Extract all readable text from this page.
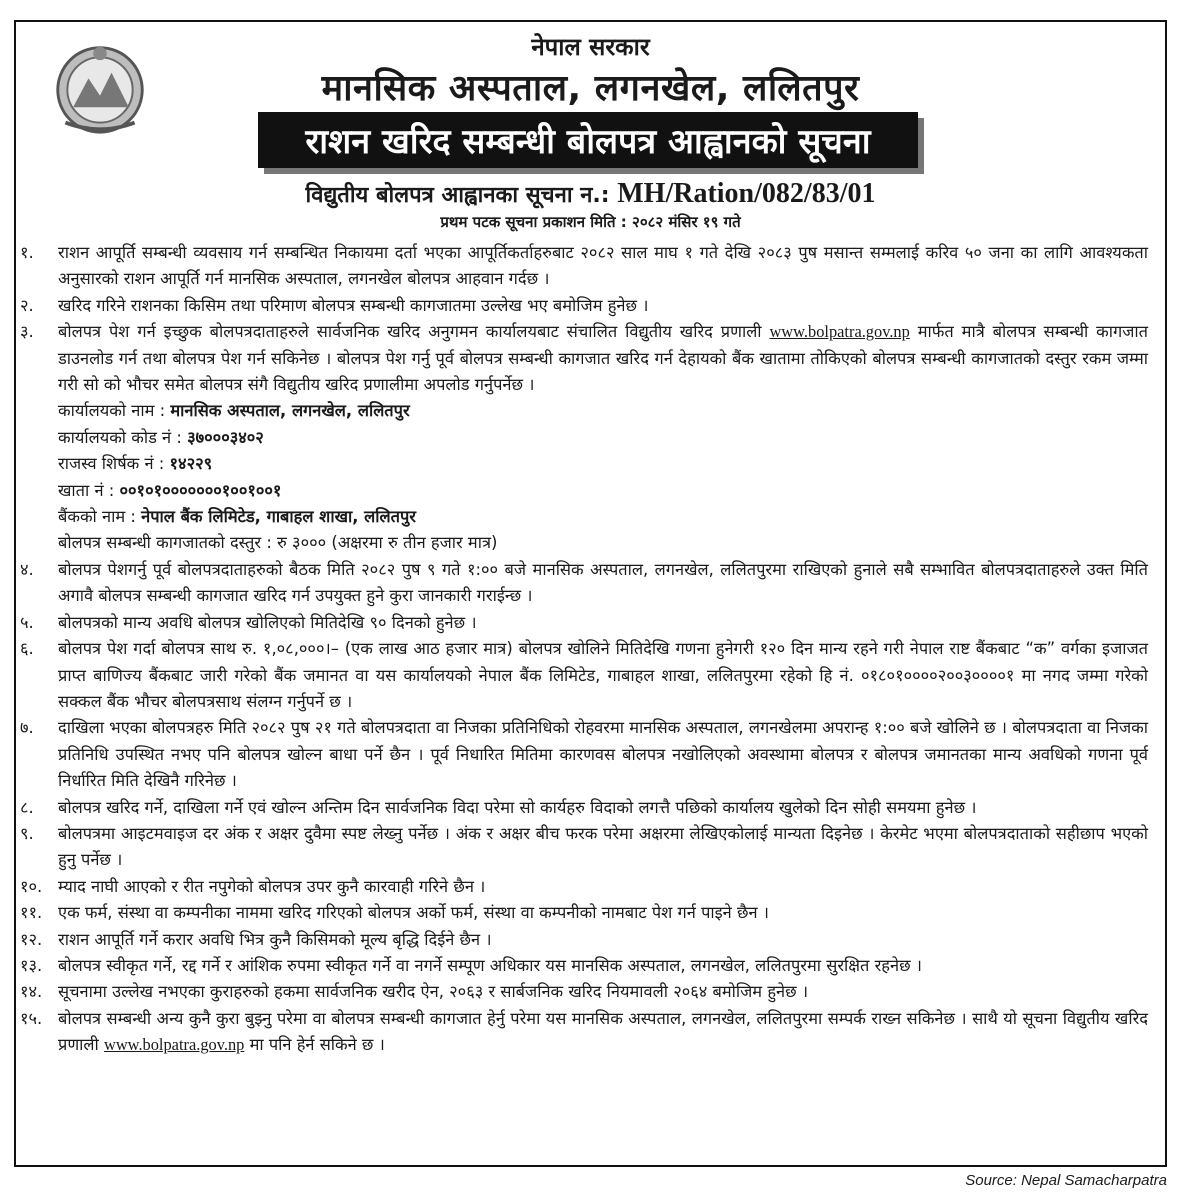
नेपाल सरकार
मानसिक अस्पताल, लगनखेल, ललितपुर
राशन खरिद सम्बन्धी बोलपत्र आह्वानको सूचना
विद्युतीय बोलपत्र आह्वानका सूचना न.: MH/Ration/082/83/01
प्रथम पटक सूचना प्रकाशन मिति : २०८२ मंसिर १९ गते
१.	राशन आपूर्ति सम्बन्धी व्यवसाय गर्न सम्बन्धित निकायमा दर्ता भएका आपूर्तिकर्ताहरुबाट २०८२ साल माघ १ गते देखि २०८३ पुष मसान्त सम्मलाई करिव ५० जना का लागि आवश्यकता अनुसारको राशन आपूर्ति गर्न मानसिक अस्पताल, लगनखेल बोलपत्र आहवान गर्दछ ।
२.	खरिद गरिने राशनका किसिम तथा परिमाण बोलपत्र सम्बन्धी कागजातमा उल्लेख भए बमोजिम हुनेछ ।
३.	बोलपत्र पेश गर्न इच्छुक बोलपत्रदाताहरुले सार्वजनिक खरिद अनुगमन कार्यालयबाट संचालित विद्युतीय खरिद प्रणाली www.bolpatra.gov.np मार्फत मात्रै बोलपत्र सम्बन्धी कागजात डाउनलोड गर्न तथा बोलपत्र पेश गर्न सकिनेछ । बोलपत्र पेश गर्नु पूर्व बोलपत्र सम्बन्धी कागजात खरिद गर्न देहायको बैंक खातामा तोकिएको बोलपत्र सम्बन्धी कागजातको दस्तुर रकम जम्मा गरी सो को भौचर समेत बोलपत्र संगै विद्युतीय खरिद प्रणालीमा अपलोड गर्नुपर्नेछ ।
कार्यालयको नाम : मानसिक अस्पताल, लगनखेल, ललितपुर
कार्यालयको कोड नं : ३७०००३४०२
राजस्व शिर्षक नं : १४२२९
खाता नं : ००१०१०००००००१००१००१
बैंकको नाम : नेपाल बैंक लिमिटेड, गाबाहल शाखा, ललितपुर
बोलपत्र सम्बन्धी कागजातको दस्तुर : रु ३००० (अक्षरमा रु तीन हजार मात्र)
४.	बोलपत्र पेशगर्नु पूर्व बोलपत्रदाताहरुको बैठक मिति २०८२ पुष ९ गते १:०० बजे मानसिक अस्पताल, लगनखेल, ललितपुरमा राखिएको हुनाले सबै सम्भावित बोलपत्रदाताहरुले उक्त मिति अगावै बोलपत्र सम्बन्धी कागजात खरिद गर्न उपयुक्त हुने कुरा जानकारी गराईन्छ ।
५.	बोलपत्रको मान्य अवधि बोलपत्र खोलिएको मितिदेखि ९० दिनको हुनेछ ।
६.	बोलपत्र पेश गर्दा बोलपत्र साथ रु. १,०८,०००।– (एक लाख आठ हजार मात्र) बोलपत्र खोलिने मितिदेखि गणना हुनेगरी १२० दिन मान्य रहने गरी नेपाल राष्ट बैंकबाट “क” वर्गका इजाजत प्राप्त बाणिज्य बैंकबाट जारी गरेको बैंक जमानत वा यस कार्यालयको नेपाल बैंक लिमिटेड, गाबाहल शाखा, ललितपुरमा रहेको हि नं. ०१८०१००००२००३००००१ मा नगद जम्मा गरेको सक्कल बैंक भौचर बोलपत्रसाथ संलग्न गर्नुपर्ने छ ।
७.	दाखिला भएका बोलपत्रहरु मिति २०८२ पुष २१ गते बोलपत्रदाता वा निजका प्रतिनिधिको रोहवरमा मानसिक अस्पताल, लगनखेलमा अपरान्ह १:०० बजे खोलिने छ । बोलपत्रदाता वा निजका प्रतिनिधि उपस्थित नभए पनि बोलपत्र खोल्न बाधा पर्ने छैन । पूर्व निधारित मितिमा कारणवस बोलपत्र नखोलिएको अवस्थामा बोलपत्र र बोलपत्र जमानतका मान्य अवधिको गणना पूर्व निर्धारित मिति देखिनै गरिनेछ ।
८.	बोलपत्र खरिद गर्ने, दाखिला गर्ने एवं खोल्न अन्तिम दिन सार्वजनिक विदा परेमा सो कार्यहरु विदाको लगत्तै पछिको कार्यालय खुलेको दिन सोही समयमा हुनेछ ।
९.	बोलपत्रमा आइटमवाइज दर अंक र अक्षर दुवैमा स्पष्ट लेख्नु पर्नेछ । अंक र अक्षर बीच फरक परेमा अक्षरमा लेखिएकोलाई मान्यता दिइनेछ । केरमेट भएमा बोलपत्रदाताको सहीछाप भएको हुनु पर्नेछ ।
१०. म्याद नाघी आएको र रीत नपुगेको बोलपत्र उपर कुनै कारवाही गरिने छैन ।
११. एक फर्म, संस्था वा कम्पनीका नाममा खरिद गरिएको बोलपत्र अर्को फर्म, संस्था वा कम्पनीको नामबाट पेश गर्न पाइने छैन ।
१२. राशन आपूर्ति गर्ने करार अवधि भित्र कुनै किसिमको मूल्य बृद्धि दिईने छैन ।
१३. बोलपत्र स्वीकृत गर्ने, रद्द गर्ने र आंशिक रुपमा स्वीकृत गर्ने वा नगर्ने सम्पूण अधिकार यस मानसिक अस्पताल, लगनखेल, ललितपुरमा सुरक्षित रहनेछ ।
१४. सूचनामा उल्लेख नभएका कुराहरुको हकमा सार्वजनिक खरीद ऐन, २०६३ र सार्बजनिक खरिद नियमावली २०६४ बमोजिम हुनेछ ।
१५. बोलपत्र सम्बन्धी अन्य कुनै कुरा बुझ्नु परेमा वा बोलपत्र सम्बन्धी कागजात हेर्नु परेमा यस मानसिक अस्पताल, लगनखेल, ललितपुरमा सम्पर्क राख्न सकिनेछ । साथै यो सूचना विद्युतीय खरिद प्रणाली www.bolpatra.gov.np मा पनि हेर्न सकिने छ ।
Source: Nepal Samacharpatra
